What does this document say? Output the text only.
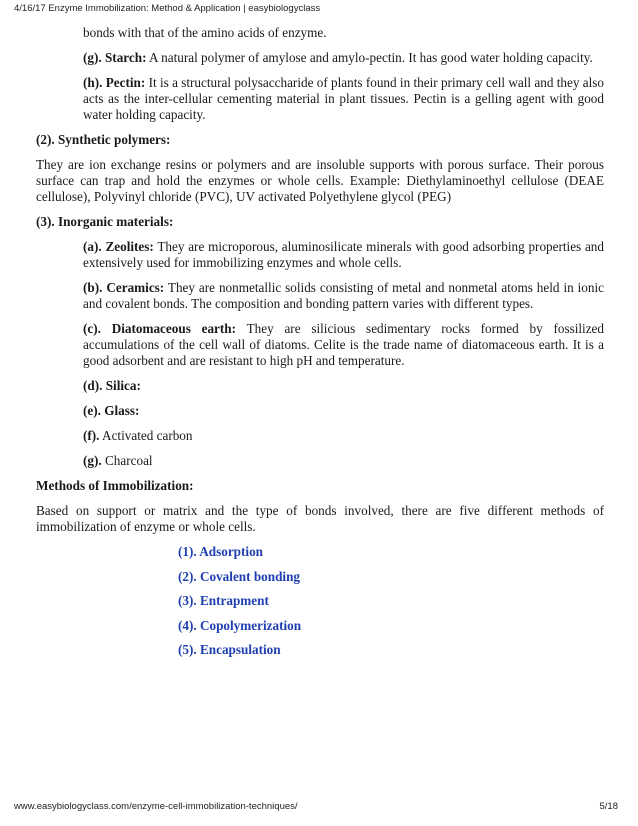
4/16/17 Enzyme Immobilization: Method & Application | easybiologyclass

bonds with that of the amino acids of enzyme.

(g). Starch: A natural polymer of amylose and amylo-pectin. It has good water holding capacity.

(h). Pectin: It is a structural polysaccharide of plants found in their primary cell wall and they also acts as the inter-cellular cementing material in plant tissues. Pectin is a gelling agent with good water holding capacity.

(2). Synthetic polymers:

They are ion exchange resins or polymers and are insoluble supports with porous surface. Their porous surface can trap and hold the enzymes or whole cells. Example: Diethylaminoethyl cellulose (DEAE cellulose), Polyvinyl chloride (PVC), UV activated Polyethylene glycol (PEG)

(3). Inorganic materials:

(a). Zeolites: They are microporous, aluminosilicate minerals with good adsorbing properties and extensively used for immobilizing enzymes and whole cells.

(b). Ceramics: They are nonmetallic solids consisting of metal and nonmetal atoms held in ionic and covalent bonds. The composition and bonding pattern varies with different types.

(c). Diatomaceous earth: They are silicious sedimentary rocks formed by fossilized accumulations of the cell wall of diatoms. Celite is the trade name of diatomaceous earth. It is a good adsorbent and are resistant to high pH and temperature.

(d). Silica:

(e). Glass:

(f). Activated carbon

(g). Charcoal

Methods of Immobilization:

Based on support or matrix and the type of bonds involved, there are five different methods of immobilization of enzyme or whole cells.

(1). Adsorption
(2). Covalent bonding
(3). Entrapment
(4). Copolymerization
(5). Encapsulation
www.easybiologyclass.com/enzyme-cell-immobilization-techniques/	5/18
